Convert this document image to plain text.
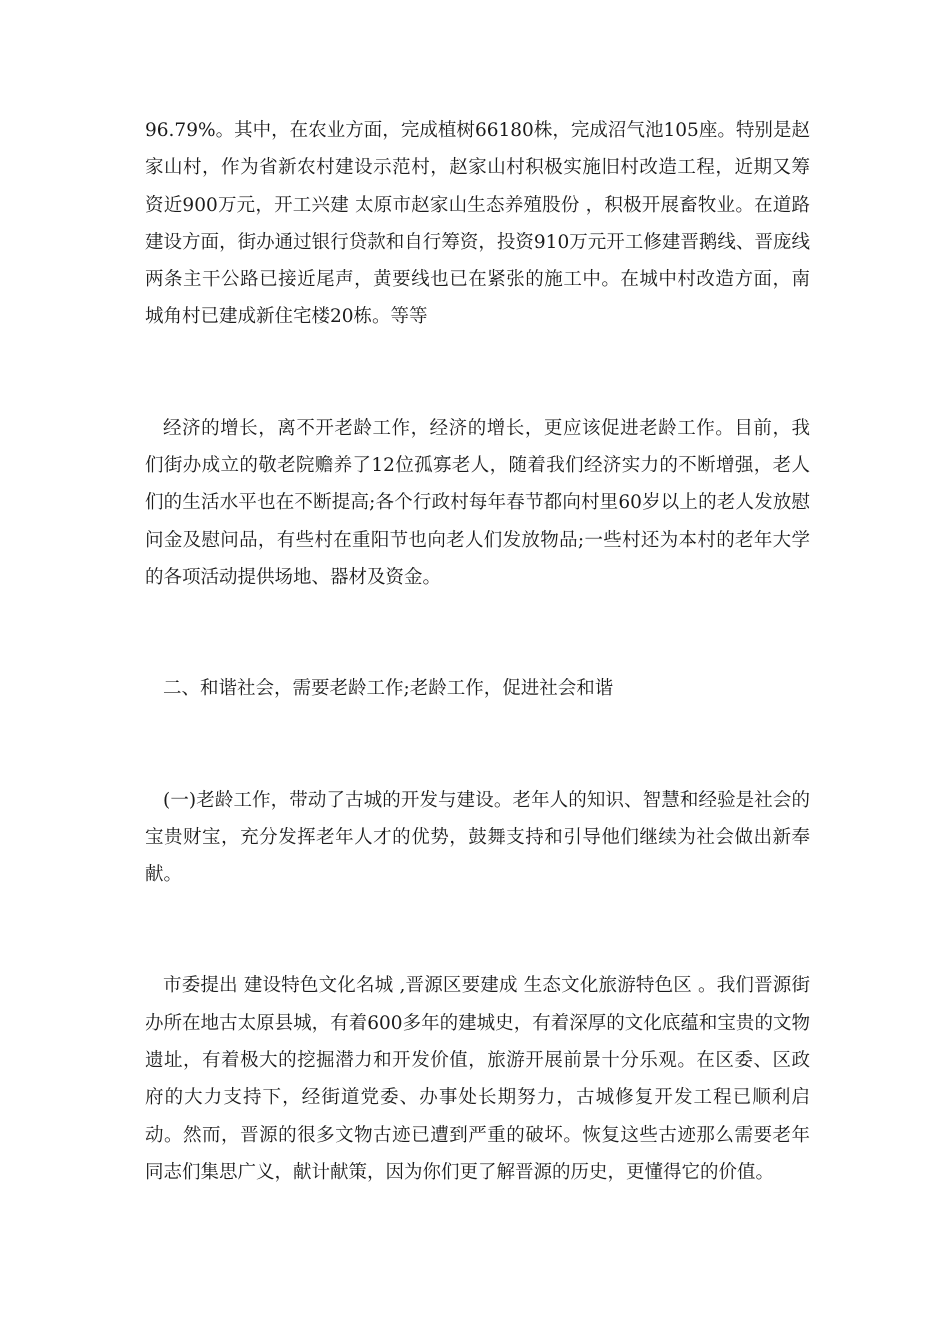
96.79%。其中，在农业方面，完成植树66180株，完成沼气池105座。特别是赵家山村，作为省新农村建设示范村，赵家山村积极实施旧村改造工程，近期又筹资近900万元，开工兴建 太原市赵家山生态养殖股份 ，积极开展畜牧业。在道路建设方面，街办通过银行贷款和自行筹资，投资910万元开工修建晋鹅线、晋庞线两条主干公路已接近尾声，黄要线也已在紧张的施工中。在城中村改造方面，南城角村已建成新住宅楼20栋。等等

经济的增长，离不开老龄工作，经济的增长，更应该促进老龄工作。目前，我们街办成立的敬老院赡养了12位孤寡老人，随着我们经济实力的不断增强，老人们的生活水平也在不断提高;各个行政村每年春节都向村里60岁以上的老人发放慰问金及慰问品，有些村在重阳节也向老人们发放物品;一些村还为本村的老年大学的各项活动提供场地、器材及资金。

二、和谐社会，需要老龄工作;老龄工作，促进社会和谐

(一)老龄工作，带动了古城的开发与建设。老年人的知识、智慧和经验是社会的宝贵财宝，充分发挥老年人才的优势，鼓舞支持和引导他们继续为社会做出新奉献。

市委提出 建设特色文化名城 ,晋源区要建成 生态文化旅游特色区 。我们晋源街办所在地古太原县城，有着600多年的建城史，有着深厚的文化底蕴和宝贵的文物遗址，有着极大的挖掘潜力和开发价值，旅游开展前景十分乐观。在区委、区政府的大力支持下，经街道党委、办事处长期努力，古城修复开发工程已顺利启动。然而，晋源的很多文物古迹已遭到严重的破坏。恢复这些古迹那么需要老年同志们集思广义，献计献策，因为你们更了解晋源的历史，更懂得它的价值。
